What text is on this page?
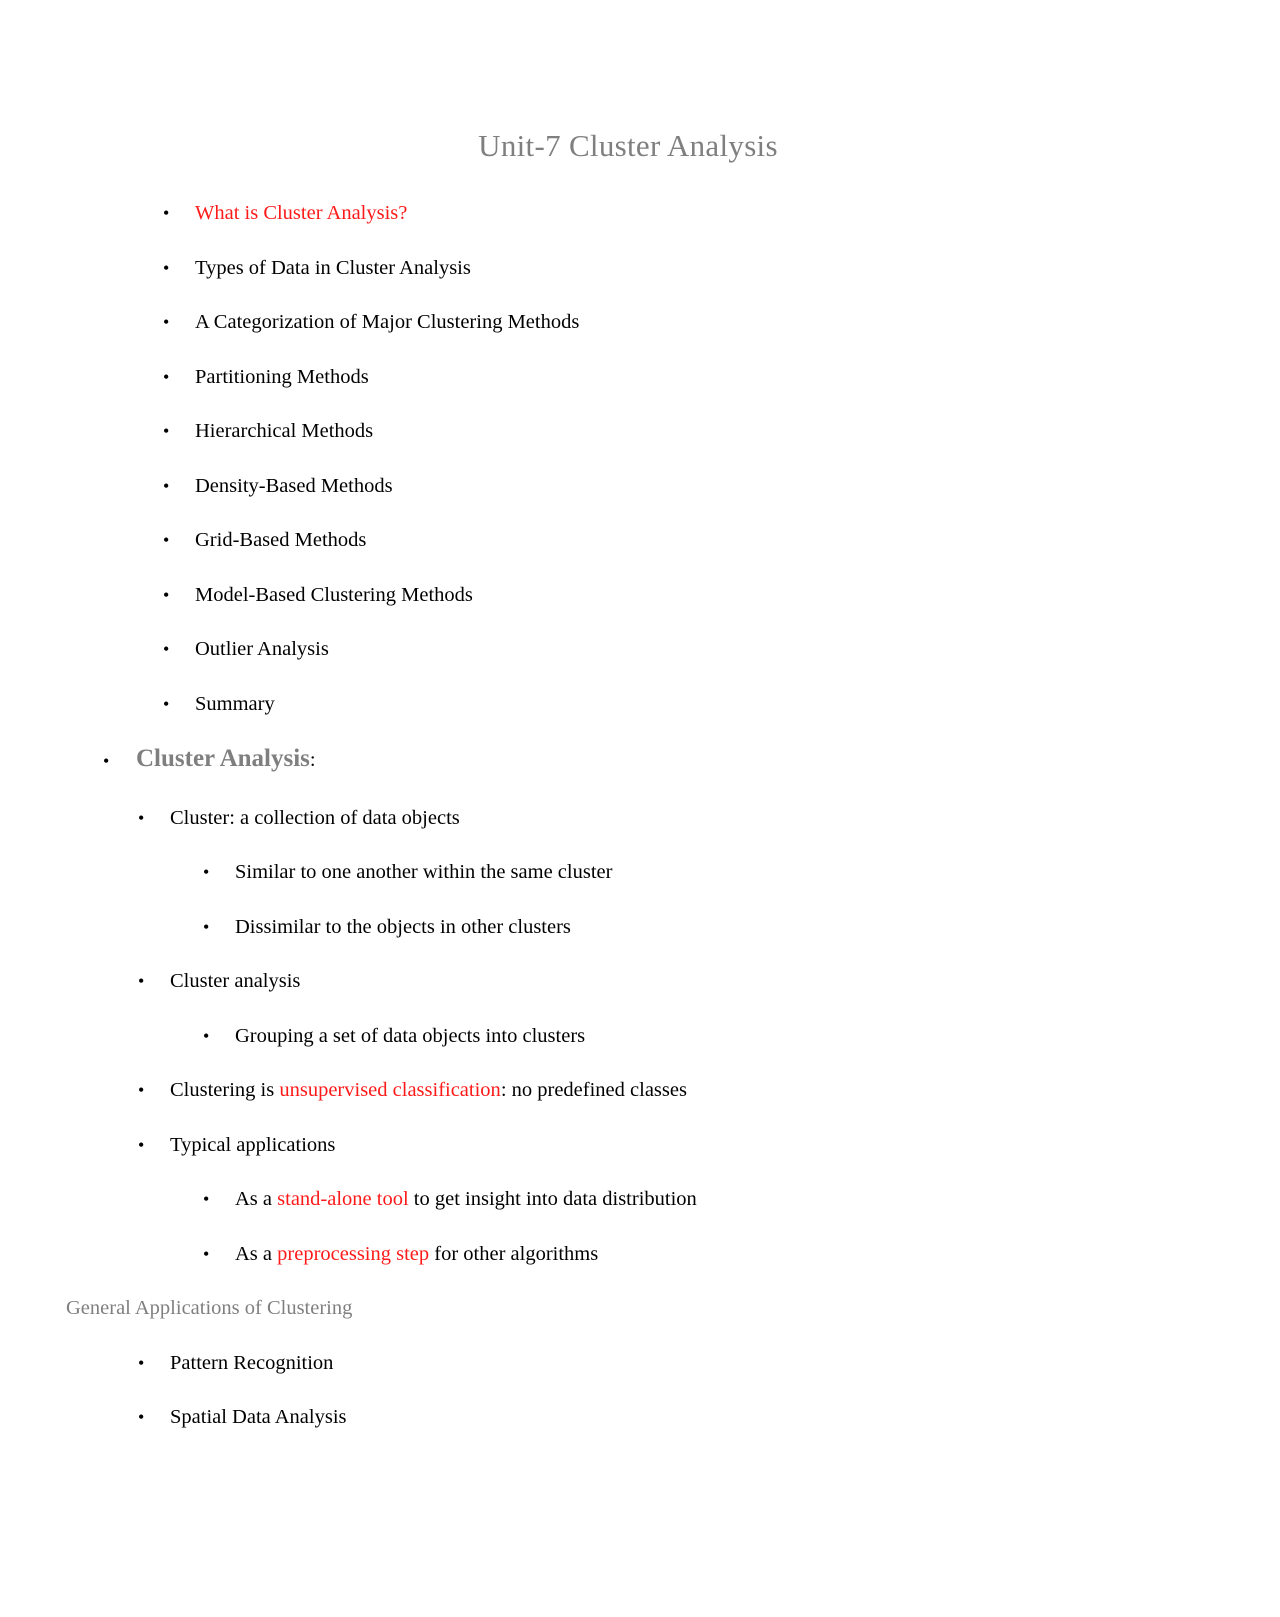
Unit-7 Cluster Analysis
• What is Cluster Analysis?
• Types of Data in Cluster Analysis
• A Categorization of Major Clustering Methods
• Partitioning Methods
• Hierarchical Methods
• Density-Based Methods
• Grid-Based Methods
• Model-Based Clustering Methods
• Outlier Analysis
• Summary
• Cluster Analysis:
• Cluster: a collection of data objects
• Similar to one another within the same cluster
• Dissimilar to the objects in other clusters
• Cluster analysis
• Grouping a set of data objects into clusters
• Clustering is unsupervised classification: no predefined classes
• Typical applications
• As a stand-alone tool to get insight into data distribution
• As a preprocessing step for other algorithms
General Applications of Clustering
• Pattern Recognition
• Spatial Data Analysis
